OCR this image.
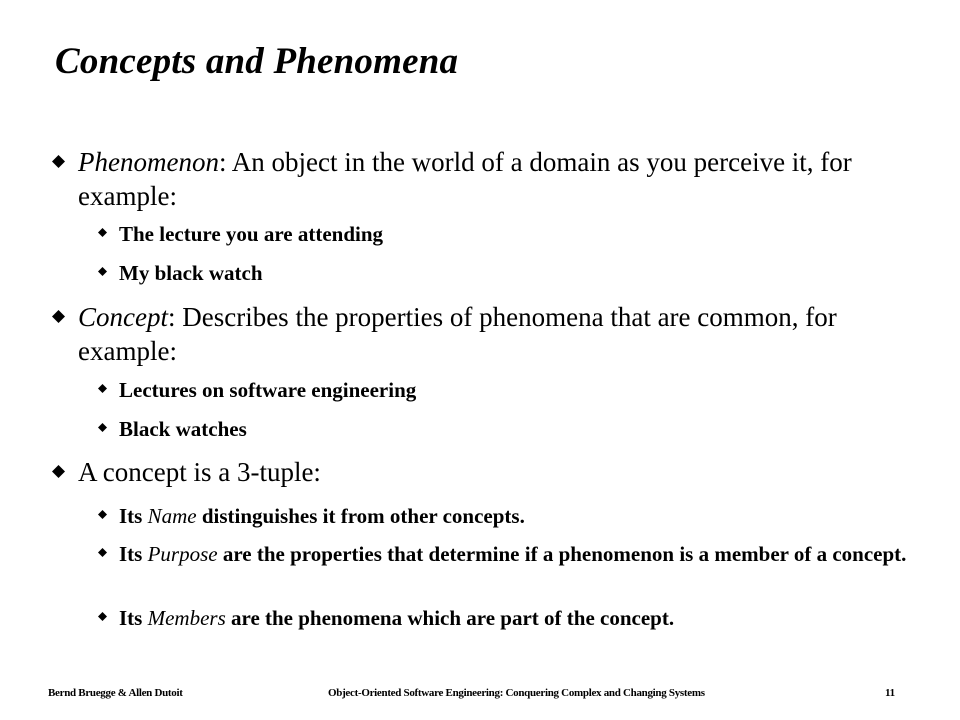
Concepts and Phenomena
Phenomenon: An object in the world of a domain as you perceive it, for example:
The lecture you are attending
My black watch
Concept: Describes the properties of phenomena that are common, for example:
Lectures on software engineering
Black watches
A concept is a 3-tuple:
Its Name distinguishes it from other concepts.
Its Purpose are the properties that determine if a phenomenon is a member of a concept.
Its Members are the phenomena which are part of the concept.
Bernd Bruegge & Allen Dutoit	Object-Oriented Software Engineering: Conquering Complex and Changing Systems	11
